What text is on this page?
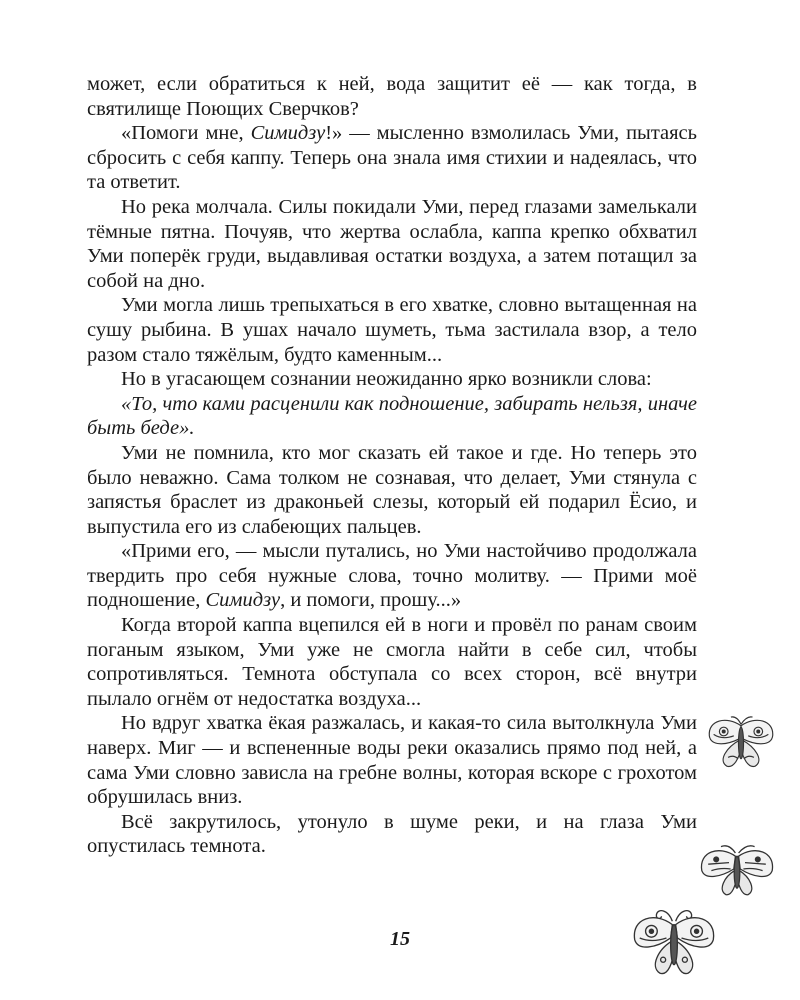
может, если обратиться к ней, вода защитит её — как тогда, в святилище Поющих Сверчков?

«Помоги мне, Симидзу!» — мысленно взмолилась Уми, пытаясь сбросить с себя каппу. Теперь она знала имя стихии и надеялась, что та ответит.

Но река молчала. Силы покидали Уми, перед глазами замелькали тёмные пятна. Почуяв, что жертва ослабла, каппа крепко обхватил Уми поперёк груди, выдавливая остатки воздуха, а затем потащил за собой на дно.

Уми могла лишь трепыхаться в его хватке, словно вытащенная на сушу рыбина. В ушах начало шуметь, тьма застилала взор, а тело разом стало тяжёлым, будто каменным...

Но в угасающем сознании неожиданно ярко возникли слова:

«То, что ками расценили как подношение, забирать нельзя, иначе быть беде».

Уми не помнила, кто мог сказать ей такое и где. Но теперь это было неважно. Сама толком не сознавая, что делает, Уми стянула с запястья браслет из драконьей слезы, который ей подарил Ёсио, и выпустила его из слабеющих пальцев.

«Прими его, — мысли путались, но Уми настойчиво продолжала твердить про себя нужные слова, точно молитву. — Прими моё подношение, Симидзу, и помоги, прошу...»

Когда второй каппа вцепился ей в ноги и провёл по ранам своим поганым языком, Уми уже не смогла найти в себе сил, чтобы сопротивляться. Темнота обступала со всех сторон, всё внутри пылало огнём от недостатка воздуха...

Но вдруг хватка ёкая разжалась, и какая-то сила вытолкнула Уми наверх. Миг — и вспененные воды реки оказались прямо под ней, а сама Уми словно зависла на гребне волны, которая вскоре с грохотом обрушилась вниз.

Всё закрутилось, утонуло в шуме реки, и на глаза Уми опустилась темнота.

15
